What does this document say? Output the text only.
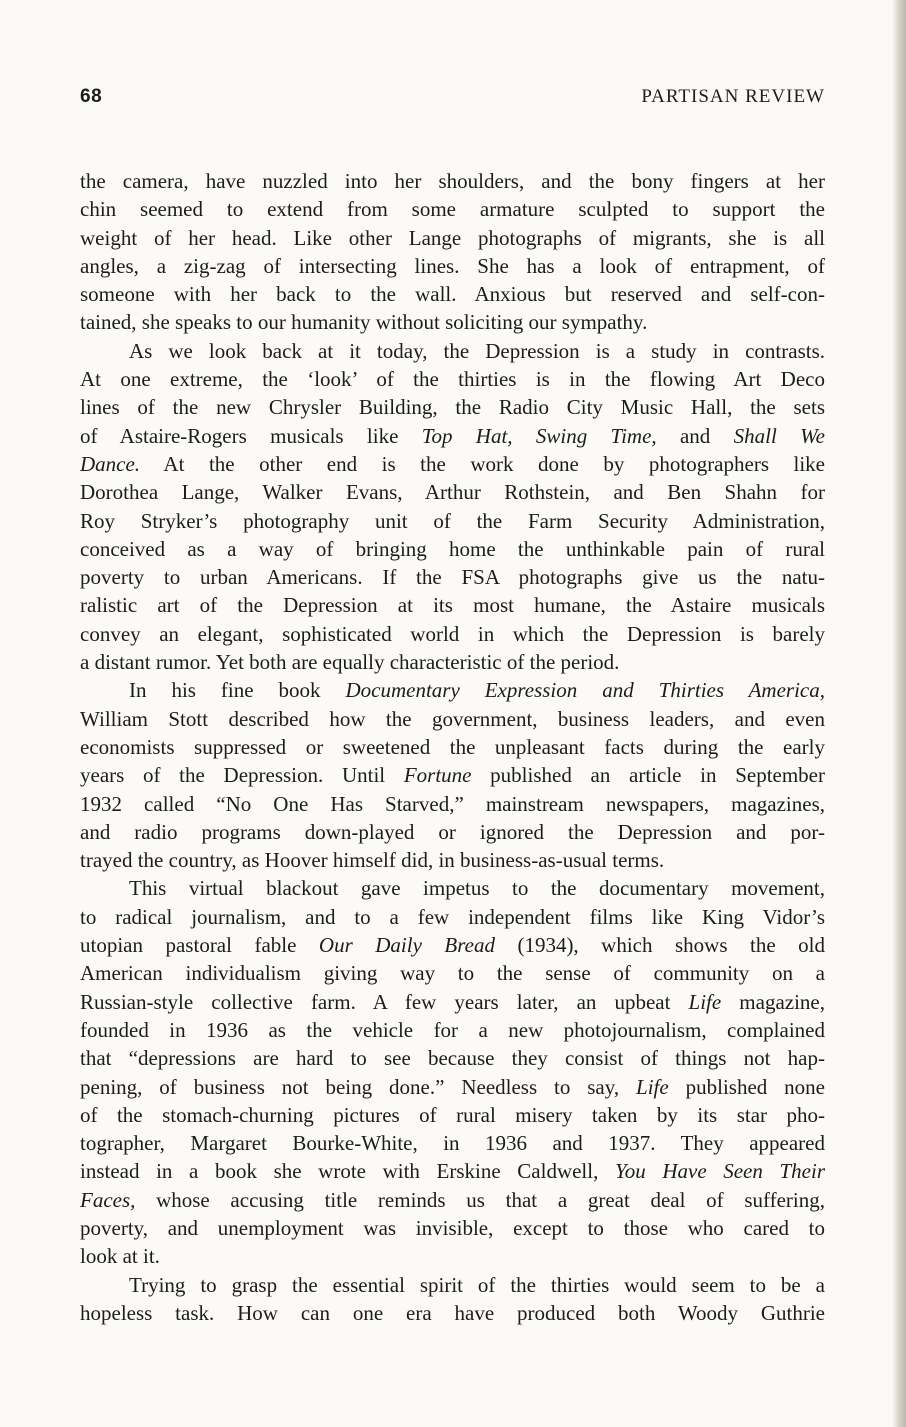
68	PARTISAN REVIEW
the camera, have nuzzled into her shoulders, and the bony fingers at her
chin seemed to extend from some armature sculpted to support the
weight of her head. Like other Lange photographs of migrants, she is all
angles, a zig-zag of intersecting lines. She has a look of entrapment, of
someone with her back to the wall. Anxious but reserved and self-con-
tained, she speaks to our humanity without soliciting our sympathy.
As we look back at it today, the Depression is a study in contrasts.
At one extreme, the ‘look’ of the thirties is in the flowing Art Deco
lines of the new Chrysler Building, the Radio City Music Hall, the sets
of Astaire-Rogers musicals like Top Hat, Swing Time, and Shall We
Dance. At the other end is the work done by photographers like
Dorothea Lange, Walker Evans, Arthur Rothstein, and Ben Shahn for
Roy Stryker’s photography unit of the Farm Security Administration,
conceived as a way of bringing home the unthinkable pain of rural
poverty to urban Americans. If the FSA photographs give us the natu-
ralistic art of the Depression at its most humane, the Astaire musicals
convey an elegant, sophisticated world in which the Depression is barely
a distant rumor. Yet both are equally characteristic of the period.
In his fine book Documentary Expression and Thirties America,
William Stott described how the government, business leaders, and even
economists suppressed or sweetened the unpleasant facts during the early
years of the Depression. Until Fortune published an article in September
1932 called “No One Has Starved,” mainstream newspapers, magazines,
and radio programs down-played or ignored the Depression and por-
trayed the country, as Hoover himself did, in business-as-usual terms.
This virtual blackout gave impetus to the documentary movement,
to radical journalism, and to a few independent films like King Vidor’s
utopian pastoral fable Our Daily Bread (1934), which shows the old
American individualism giving way to the sense of community on a
Russian-style collective farm. A few years later, an upbeat Life magazine,
founded in 1936 as the vehicle for a new photojournalism, complained
that “depressions are hard to see because they consist of things not hap-
pening, of business not being done.” Needless to say, Life published none
of the stomach-churning pictures of rural misery taken by its star pho-
tographer, Margaret Bourke-White, in 1936 and 1937. They appeared
instead in a book she wrote with Erskine Caldwell, You Have Seen Their
Faces, whose accusing title reminds us that a great deal of suffering,
poverty, and unemployment was invisible, except to those who cared to
look at it.
Trying to grasp the essential spirit of the thirties would seem to be a
hopeless task. How can one era have produced both Woody Guthrie
